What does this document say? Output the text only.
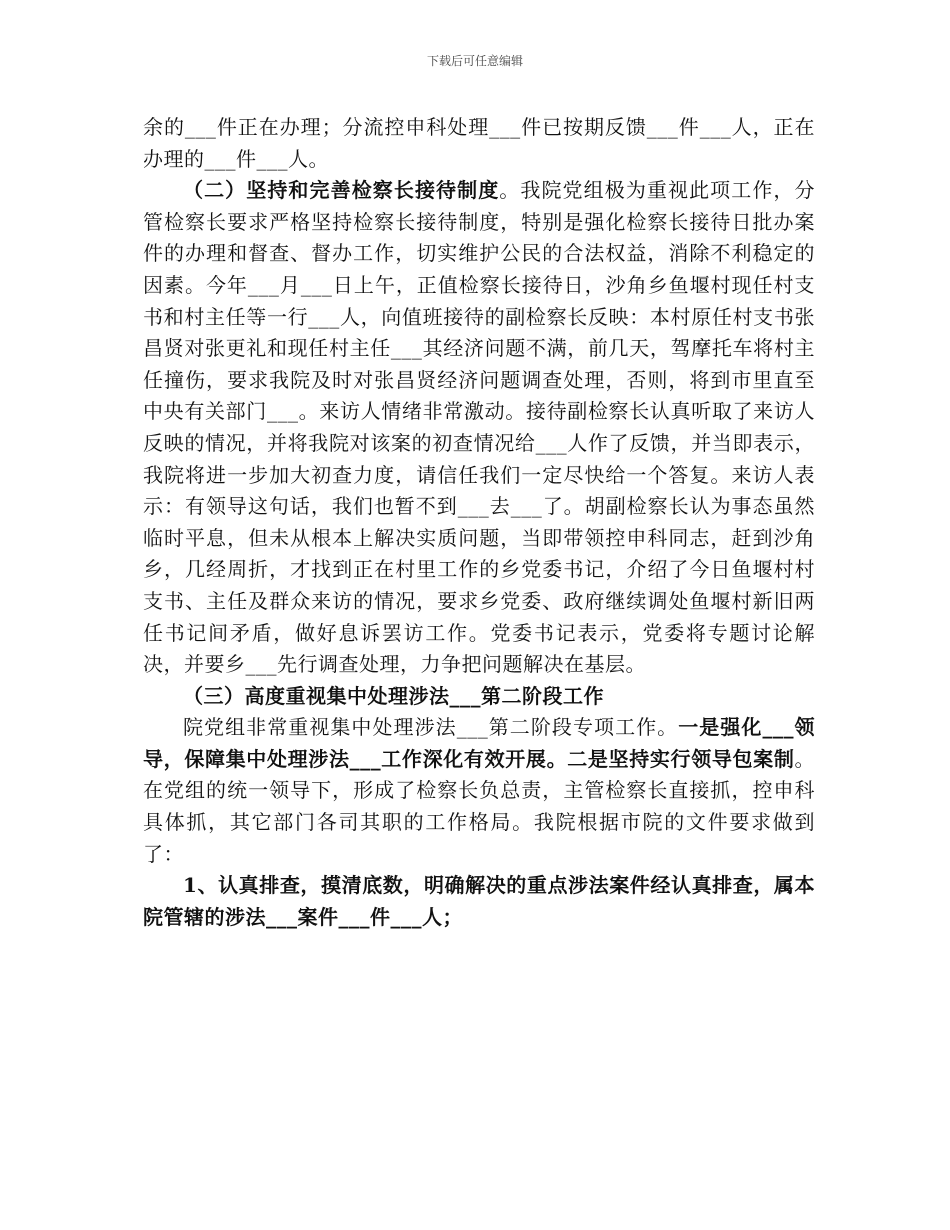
下载后可任意编辑

余的___件正在办理；分流控申科处理___件已按期反馈___件___人，正在办理的___件___人。

（二）坚持和完善检察长接待制度。我院党组极为重视此项工作，分管检察长要求严格坚持检察长接待制度，特别是强化检察长接待日批办案件的办理和督查、督办工作，切实维护公民的合法权益，消除不利稳定的因素。今年___月___日上午，正值检察长接待日，沙角乡鱼堰村现任村支书和村主任等一行___人，向值班接待的副检察长反映：本村原任村支书张昌贤对张更礼和现任村主任___其经济问题不满，前几天，驾摩托车将村主任撞伤，要求我院及时对张昌贤经济问题调查处理，否则，将到市里直至中央有关部门___。来访人情绪非常激动。接待副检察长认真听取了来访人反映的情况，并将我院对该案的初查情况给___人作了反馈，并当即表示，我院将进一步加大初查力度，请信任我们一定尽快给一个答复。来访人表示：有领导这句话，我们也暂不到___去___了。胡副检察长认为事态虽然临时平息，但未从根本上解决实质问题，当即带领控申科同志，赶到沙角乡，几经周折，才找到正在村里工作的乡党委书记，介绍了今日鱼堰村村支书、主任及群众来访的情况，要求乡党委、政府继续调处鱼堰村新旧两任书记间矛盾，做好息诉罢访工作。党委书记表示，党委将专题讨论解决，并要乡___先行调查处理，力争把问题解决在基层。

（三）高度重视集中处理涉法___第二阶段工作

院党组非常重视集中处理涉法___第二阶段专项工作。一是强化___领导，保障集中处理涉法___工作深化有效开展。二是坚持实行领导包案制。在党组的统一领导下，形成了检察长负总责，主管检察长直接抓，控申科具体抓，其它部门各司其职的工作格局。我院根据市院的文件要求做到了：

1、认真排查，摸清底数，明确解决的重点涉法案件经认真排查，属本院管辖的涉法___案件___件___人；
